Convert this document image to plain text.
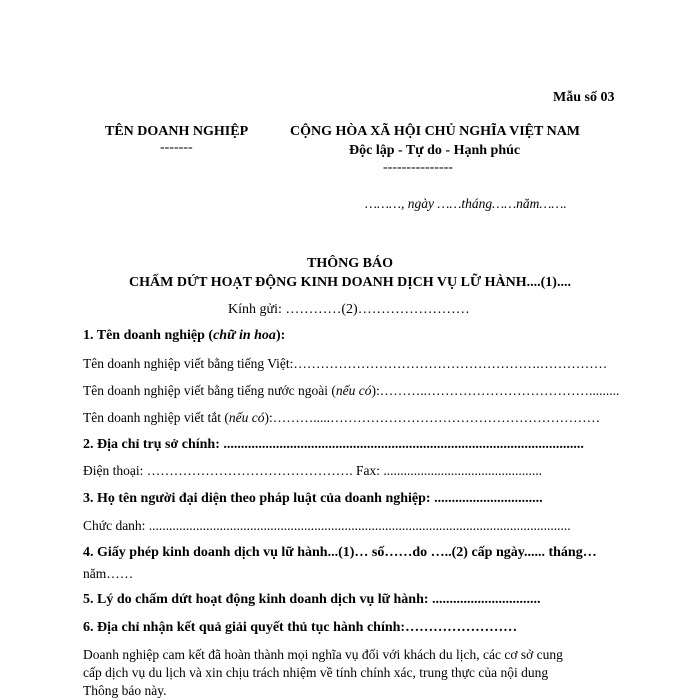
Mẫu số 03
TÊN DOANH NGHIỆP
-------
CỘNG HÒA XÃ HỘI CHỦ NGHĨA VIỆT NAM
Độc lập - Tự do - Hạnh phúc
---------------
………, ngày ……tháng……năm…….
THÔNG BÁO
CHẤM DỨT HOẠT ĐỘNG KINH DOANH DỊCH VỤ LỮ HÀNH....(1)....
Kính gửi: …………(2)……………………
1. Tên doanh nghiệp (chữ in hoa):
Tên doanh nghiệp viết bằng tiếng Việt:……………………………………………….……………
Tên doanh nghiệp viết bằng tiếng nước ngoài (nếu có):………..……………………………….........
Tên doanh nghiệp viết tắt (nếu có):……….....……………………………………………………
2. Địa chỉ trụ sở chính: .......................................................................................................
Điện thoại: ………………………………………. Fax: ...............................................
3. Họ tên người đại diện theo pháp luật của doanh nghiệp: ...............................
Chức danh: .............................................................................................................................
4. Giấy phép kinh doanh dịch vụ lữ hành...(1)… số……do …..(2) cấp ngày...... tháng…
năm……
5. Lý do chấm dứt hoạt động kinh doanh dịch vụ lữ hành: ...............................
6. Địa chỉ nhận kết quả giải quyết thủ tục hành chính:……………………
Doanh nghiệp cam kết đã hoàn thành mọi nghĩa vụ đối với khách du lịch, các cơ sở cung
cấp dịch vụ du lịch và xin chịu trách nhiệm về tính chính xác, trung thực của nội dung
Thông báo này.
